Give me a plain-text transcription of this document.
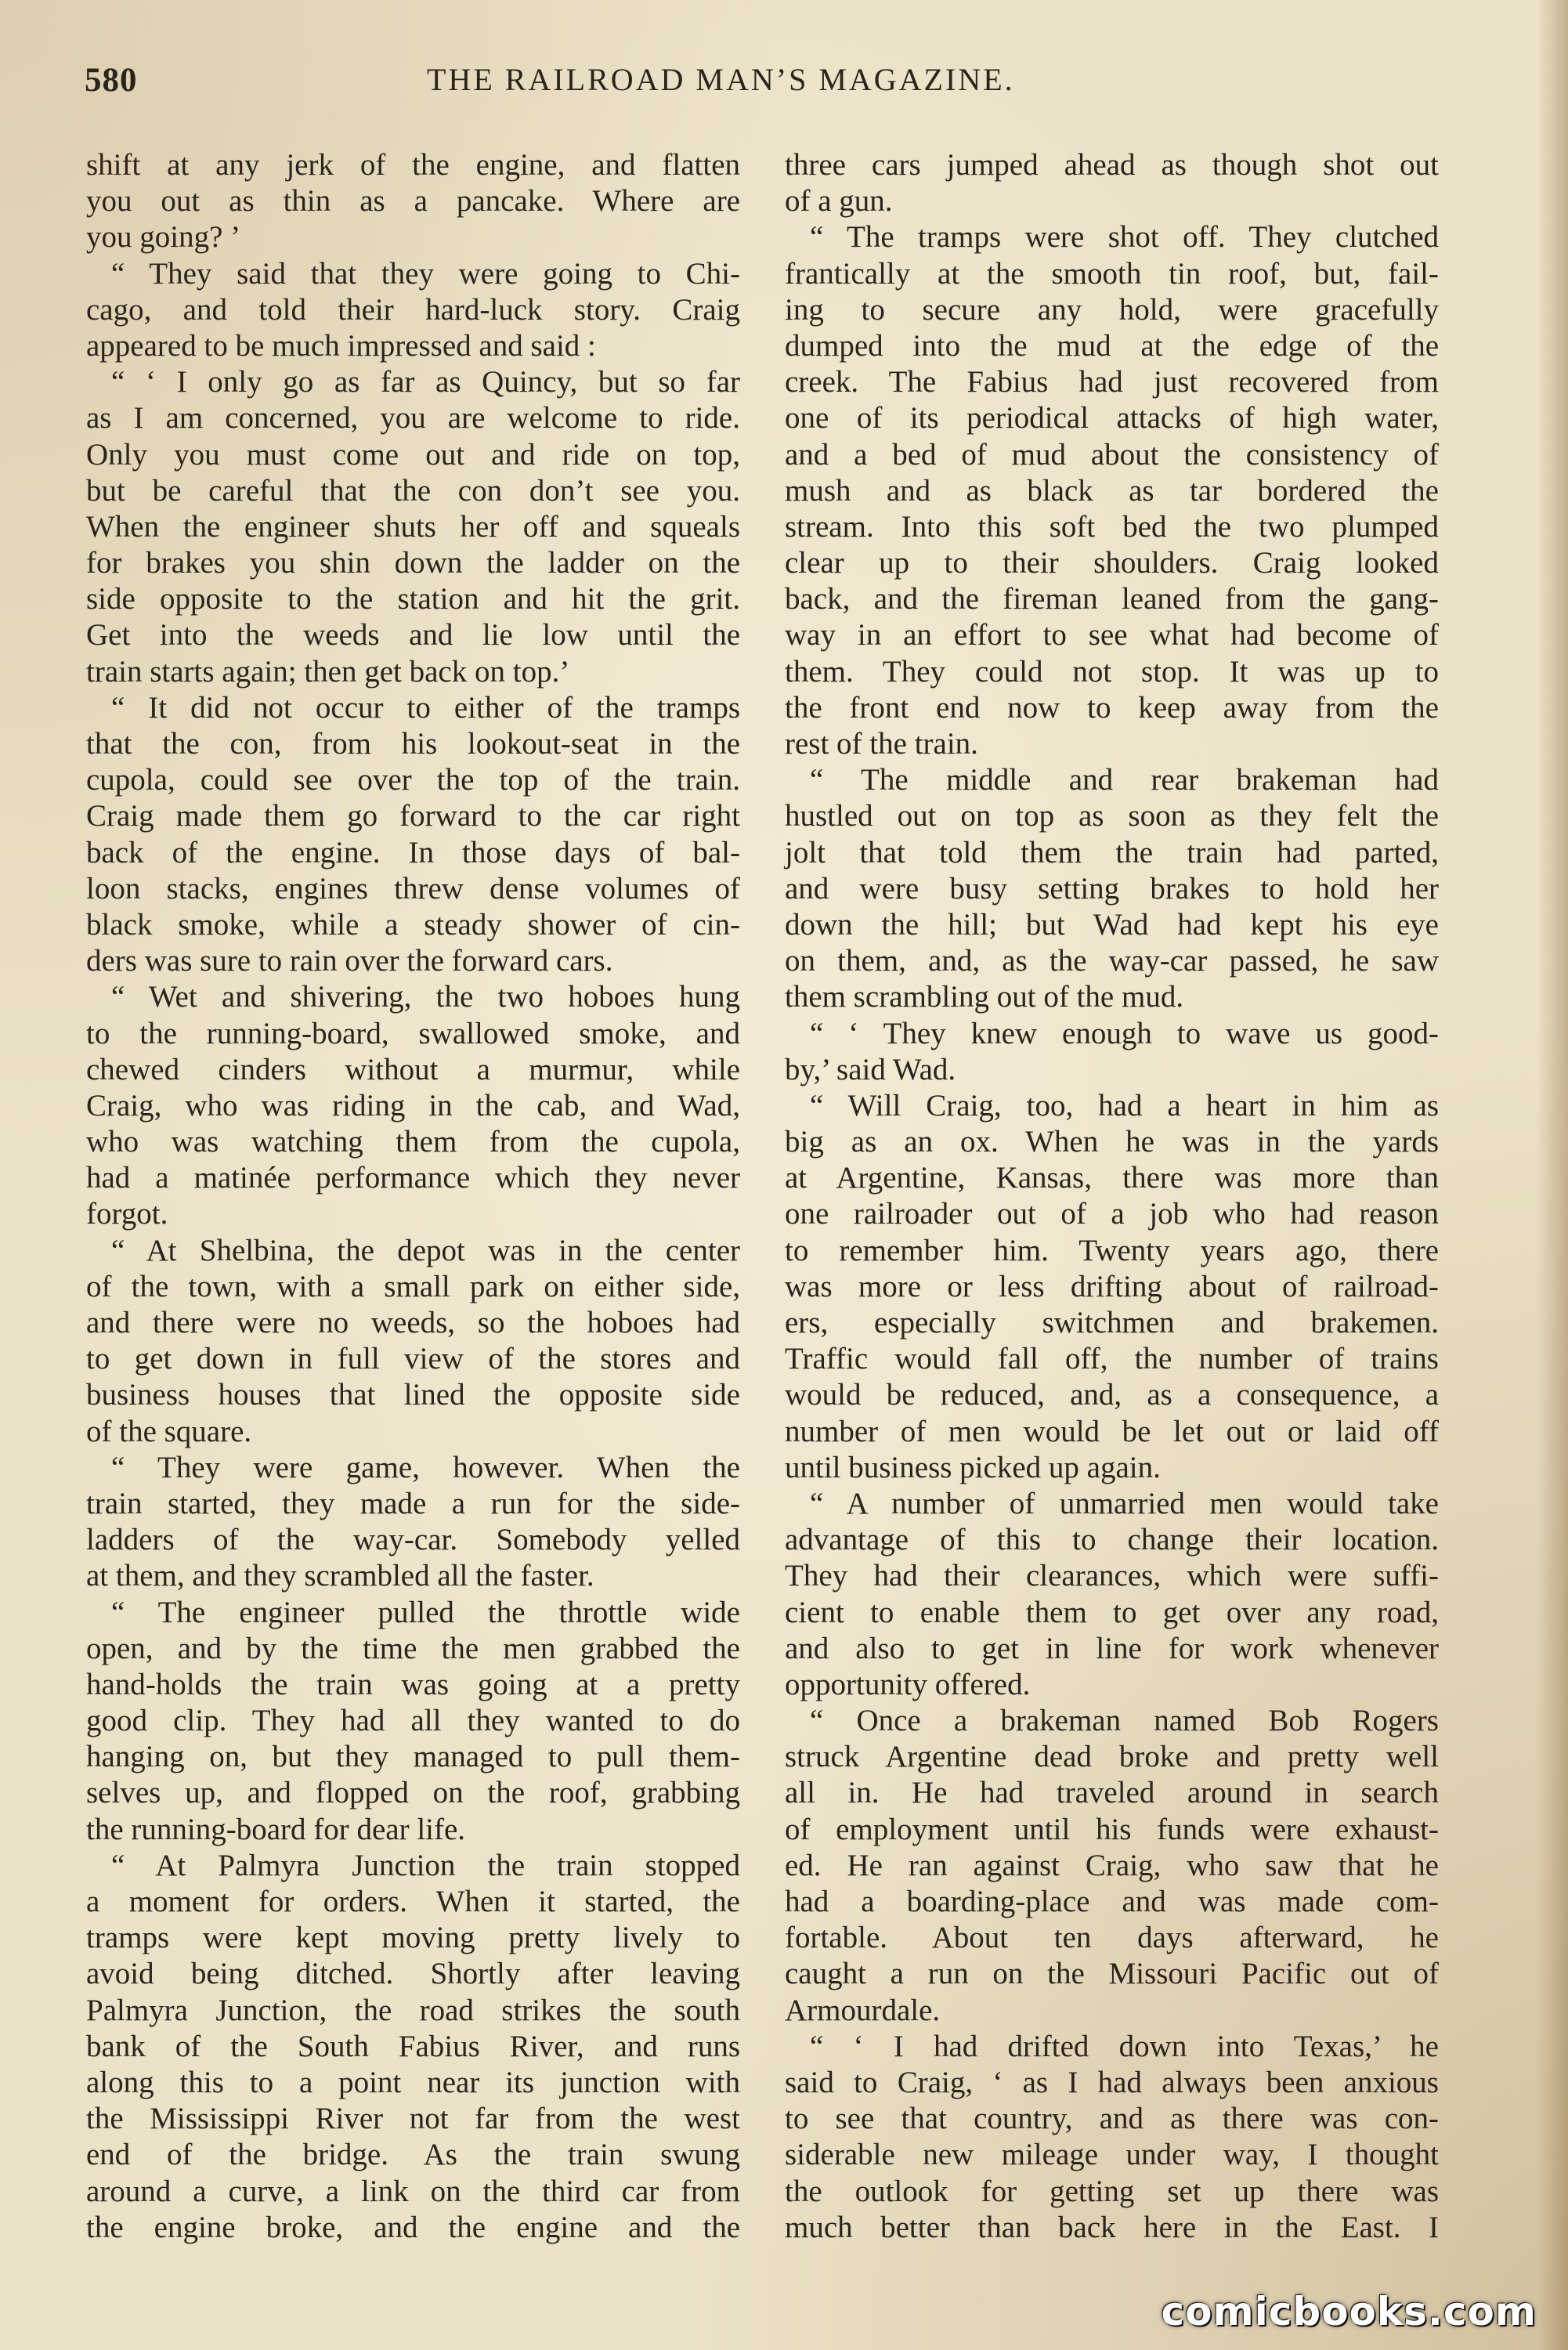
580	THE RAILROAD MAN’S MAGAZINE.
shift at any jerk of the engine, and flatten
you out as thin as a pancake. Where are
you going? ’
“ They said that they were going to Chi-
cago, and told their hard-luck story. Craig
appeared to be much impressed and said :
“ ‘ I only go as far as Quincy, but so far
as I am concerned, you are welcome to ride.
Only you must come out and ride on top,
but be careful that the con don’t see you.
When the engineer shuts her off and squeals
for brakes you shin down the ladder on the
side opposite to the station and hit the grit.
Get into the weeds and lie low until the
train starts again; then get back on top.’
“ It did not occur to either of the tramps
that the con, from his lookout-seat in the
cupola, could see over the top of the train.
Craig made them go forward to the car right
back of the engine. In those days of bal-
loon stacks, engines threw dense volumes of
black smoke, while a steady shower of cin-
ders was sure to rain over the forward cars.
“ Wet and shivering, the two hoboes hung
to the running-board, swallowed smoke, and
chewed cinders without a murmur, while
Craig, who was riding in the cab, and Wad,
who was watching them from the cupola,
had a matinée performance which they never
forgot.
“ At Shelbina, the depot was in the center
of the town, with a small park on either side,
and there were no weeds, so the hoboes had
to get down in full view of the stores and
business houses that lined the opposite side
of the square.
“ They were game, however. When the
train started, they made a run for the side-
ladders of the way-car. Somebody yelled
at them, and they scrambled all the faster.
“ The engineer pulled the throttle wide
open, and by the time the men grabbed the
hand-holds the train was going at a pretty
good clip. They had all they wanted to do
hanging on, but they managed to pull them-
selves up, and flopped on the roof, grabbing
the running-board for dear life.
“ At Palmyra Junction the train stopped
a moment for orders. When it started, the
tramps were kept moving pretty lively to
avoid being ditched. Shortly after leaving
Palmyra Junction, the road strikes the south
bank of the South Fabius River, and runs
along this to a point near its junction with
the Mississippi River not far from the west
end of the bridge. As the train swung
around a curve, a link on the third car from
the engine broke, and the engine and the
three cars jumped ahead as though shot out
of a gun.
“ The tramps were shot off. They clutched
frantically at the smooth tin roof, but, fail-
ing to secure any hold, were gracefully
dumped into the mud at the edge of the
creek. The Fabius had just recovered from
one of its periodical attacks of high water,
and a bed of mud about the consistency of
mush and as black as tar bordered the
stream. Into this soft bed the two plumped
clear up to their shoulders. Craig looked
back, and the fireman leaned from the gang-
way in an effort to see what had become of
them. They could not stop. It was up to
the front end now to keep away from the
rest of the train.
“ The middle and rear brakeman had
hustled out on top as soon as they felt the
jolt that told them the train had parted,
and were busy setting brakes to hold her
down the hill; but Wad had kept his eye
on them, and, as the way-car passed, he saw
them scrambling out of the mud.
“ ‘ They knew enough to wave us good-
by,’ said Wad.
“ Will Craig, too, had a heart in him as
big as an ox. When he was in the yards
at Argentine, Kansas, there was more than
one railroader out of a job who had reason
to remember him. Twenty years ago, there
was more or less drifting about of railroad-
ers, especially switchmen and brakemen.
Traffic would fall off, the number of trains
would be reduced, and, as a consequence, a
number of men would be let out or laid off
until business picked up again.
“ A number of unmarried men would take
advantage of this to change their location.
They had their clearances, which were suffi-
cient to enable them to get over any road,
and also to get in line for work whenever
opportunity offered.
“ Once a brakeman named Bob Rogers
struck Argentine dead broke and pretty well
all in. He had traveled around in search
of employment until his funds were exhaust-
ed. He ran against Craig, who saw that he
had a boarding-place and was made com-
fortable. About ten days afterward, he
caught a run on the Missouri Pacific out of
Armourdale.
“ ‘ I had drifted down into Texas,’ he
said to Craig, ‘ as I had always been anxious
to see that country, and as there was con-
siderable new mileage under way, I thought
the outlook for getting set up there was
much better than back here in the East. I
comicbooks.com
